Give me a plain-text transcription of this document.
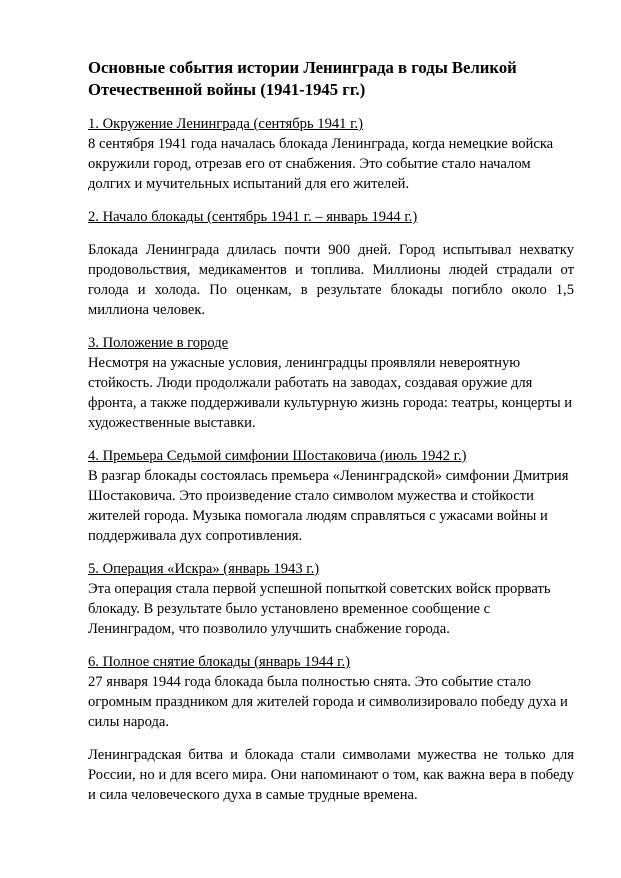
Основные события истории Ленинграда в годы Великой Отечественной войны (1941-1945 гг.)
1. Окружение Ленинграда (сентябрь 1941 г.)

8 сентября 1941 года началась блокада Ленинграда, когда немецкие войска окружили город, отрезав его от снабжения. Это событие стало началом долгих и мучительных испытаний для его жителей.

2. Начало блокады (сентябрь 1941 г. – январь 1944 г.)

Блокада Ленинграда длилась почти 900 дней. Город испытывал нехватку продовольствия, медикаментов и топлива. Миллионы людей страдали от голода и холода. По оценкам, в результате блокады погибло около 1,5 миллиона человек.

3. Положение в городе

Несмотря на ужасные условия, ленинградцы проявляли невероятную стойкость. Люди продолжали работать на заводах, создавая оружие для фронта, а также поддерживали культурную жизнь города: театры, концерты и художественные выставки.

4. Премьера Седьмой симфонии Шостаковича (июль 1942 г.)

В разгар блокады состоялась премьера «Ленинградской» симфонии Дмитрия Шостаковича. Это произведение стало символом мужества и стойкости жителей города. Музыка помогала людям справляться с ужасами войны и поддерживала дух сопротивления.

5. Операция «Искра» (январь 1943 г.)

Эта операция стала первой успешной попыткой советских войск прорвать блокаду. В результате было установлено временное сообщение с Ленинградом, что позволило улучшить снабжение города.

6. Полное снятие блокады (январь 1944 г.)

27 января 1944 года блокада была полностью снята. Это событие стало огромным праздником для жителей города и символизировало победу духа и силы народа.

Ленинградская битва и блокада стали символами мужества не только для России, но и для всего мира. Они напоминают о том, как важна вера в победу и сила человеческого духа в самые трудные времена.
